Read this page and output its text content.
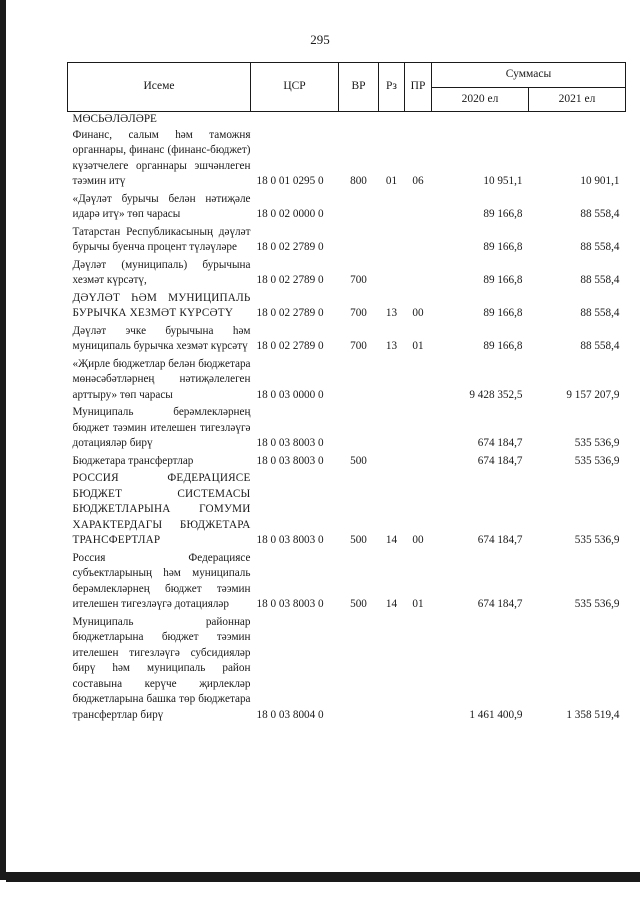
295
Исеме	ЦСР	ВР	Рз	ПР	Суммасы	
					2020 ел	2021 ел
МӨСЬӘЛӘЛӘРЕ						
Финанс, салым һәм таможня органнары, финанс (финанс-бюджет) күзәтчелеге органнары эшчәнлеген тәэмин итү	18 0 01 0295 0	800	01	06	10 951,1	10 901,1
«Дәүләт бурычы белән нәтиҗәле идарә итү» төп чарасы	18 0 02 0000 0				89 166,8	88 558,4
Татарстан Республикасының дәүләт бурычы буенча процент түләүләре	18 0 02 2789 0				89 166,8	88 558,4
Дәүләт (муниципаль) бурычына хезмәт күрсәтү,	18 0 02 2789 0	700			89 166,8	88 558,4
ДӘҮЛӘТ ҺӘМ МУНИЦИПАЛЬ БУРЫЧКА ХЕЗМӘТ КҮРСӘТҮ	18 0 02 2789 0	700	13	00	89 166,8	88 558,4
Дәүләт эчке бурычына һәм муниципаль бурычка хезмәт күрсәтү	18 0 02 2789 0	700	13	01	89 166,8	88 558,4
«Җирле бюджетлар белән бюджетара мөнәсәбәтләрнең нәтиҗәлелеген арттыру» төп чарасы	18 0 03 0000 0				9 428 352,5	9 157 207,9
Муниципаль берәмлекләрнең бюджет тәэмин ителешен тигезләүгә дотацияләр бирү	18 0 03 8003 0				674 184,7	535 536,9
Бюджетара трансфертлар	18 0 03 8003 0	500			674 184,7	535 536,9
РОССИЯ ФЕДЕРАЦИЯСЕ БЮДЖЕТ СИСТЕМАСЫ БЮДЖЕТЛАРЫНА ГОМУМИ ХАРАКТЕРДАГЫ БЮДЖЕТАРА ТРАНСФЕРТЛАР	18 0 03 8003 0	500	14	00	674 184,7	535 536,9
Россия Федерациясе субъектларының һәм муниципаль берәмлекләрнең бюджет тәэмин ителешен тигезләүгә дотацияләр	18 0 03 8003 0	500	14	01	674 184,7	535 536,9
Муниципаль районнар бюджетларына бюджет тәэмин ителешен тигезләүгә субсидияләр бирү һәм муниципаль район составына керүче җирлекләр бюджетларына башка төр бюджетара трансфертлар бирү	18 0 03 8004 0				1 461 400,9	1 358 519,4
